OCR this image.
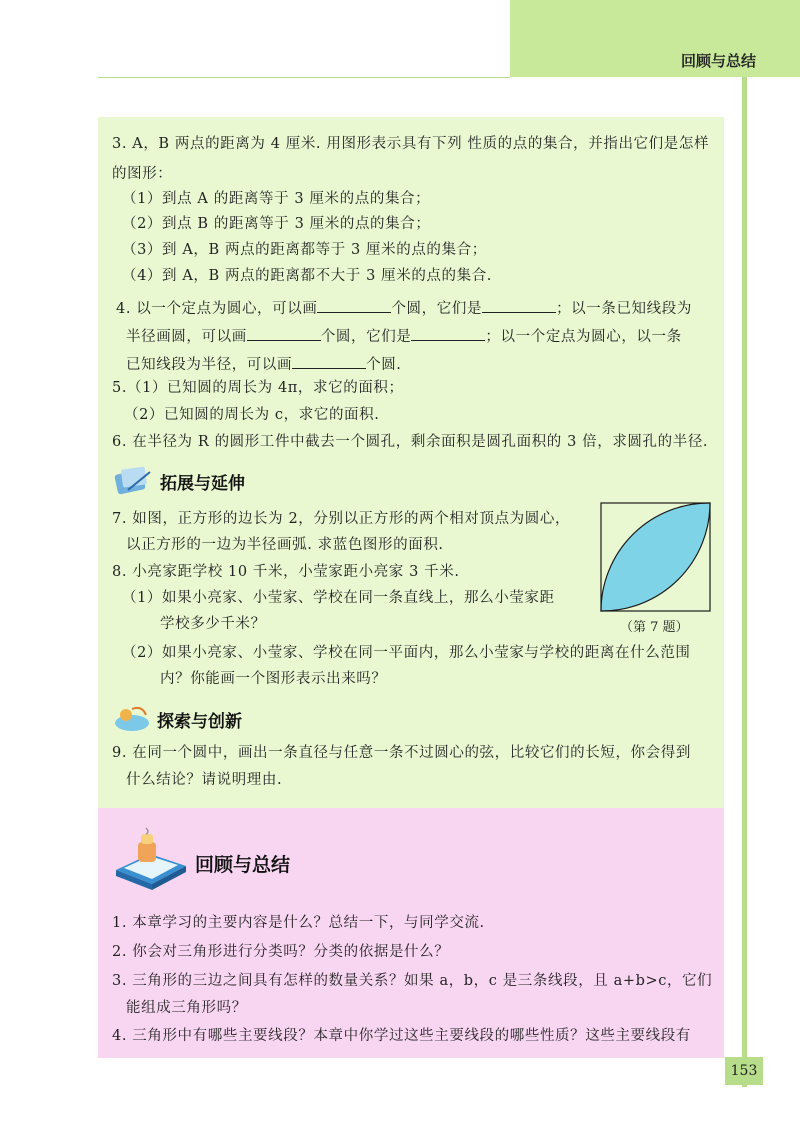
回顾与总结
3. A，B 两点的距离为 4 厘米. 用图形表示具有下列 性质的点的集合，并指出它们是怎样
的图形：
（1）到点 A 的距离等于 3 厘米的点的集合；
（2）到点 B 的距离等于 3 厘米的点的集合；
（3）到 A，B 两点的距离都等于 3 厘米的点的集合；
（4）到 A，B 两点的距离都不大于 3 厘米的点的集合.
4. 以一个定点为圆心，可以画	个圆，它们是	；以一条已知线段为
半径画圆，可以画	个圆，它们是	；以一个定点为圆心，以一条
已知线段为半径，可以画	个圆.
5.（1）已知圆的周长为 4π，求它的面积；
（2）已知圆的周长为 c，求它的面积.
6. 在半径为 R 的圆形工件中截去一个圆孔，剩余面积是圆孔面积的 3 倍，求圆孔的半径.
拓展与延伸
7. 如图，正方形的边长为 2，分别以正方形的两个相对顶点为圆心，
以正方形的一边为半径画弧. 求蓝色图形的面积.
8. 小亮家距学校 10 千米，小莹家距小亮家 3 千米.
（1）如果小亮家、小莹家、学校在同一条直线上，那么小莹家距
学校多少千米？
（2）如果小亮家、小莹家、学校在同一平面内，那么小莹家与学校的距离在什么范围
内？你能画一个图形表示出来吗？
（第 7 题）
探索与创新
9. 在同一个圆中，画出一条直径与任意一条不过圆心的弦，比较它们的长短，你会得到
什么结论？请说明理由.
回顾与总结
1. 本章学习的主要内容是什么？总结一下，与同学交流.
2. 你会对三角形进行分类吗？分类的依据是什么？
3. 三角形的三边之间具有怎样的数量关系？如果 a，b，c 是三条线段，且 a+b>c，它们
能组成三角形吗？
4. 三角形中有哪些主要线段？本章中你学过这些主要线段的哪些性质？这些主要线段有
153
